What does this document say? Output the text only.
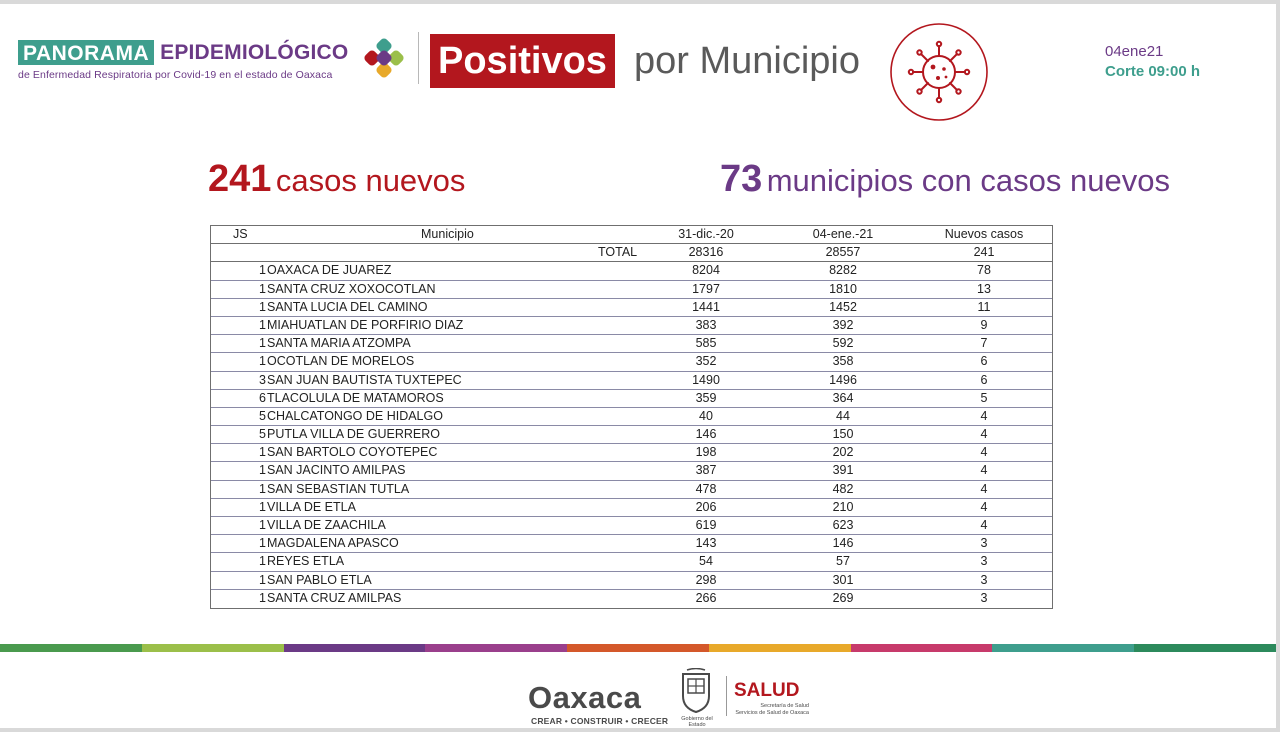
PANORAMA EPIDEMIOLÓGICO
de Enfermedad Respiratoria por Covid-19 en el estado de Oaxaca	Positivos por Municipio	04ene21
Corte 09:00 h
241 casos nuevos	73 municipios con casos nuevos
JS	Municipio	31-dic.-20	04-ene.-21	Nuevos casos
TOTAL	28316	28557	241
1 OAXACA DE JUAREZ	8204	8282	78
1 SANTA CRUZ XOXOCOTLAN	1797	1810	13
1 SANTA LUCIA DEL CAMINO	1441	1452	11
1 MIAHUATLAN DE PORFIRIO DIAZ	383	392	9
1 SANTA MARIA ATZOMPA	585	592	7
1 OCOTLAN DE MORELOS	352	358	6
3 SAN JUAN BAUTISTA TUXTEPEC	1490	1496	6
6 TLACOLULA DE MATAMOROS	359	364	5
5 CHALCATONGO DE HIDALGO	40	44	4
5 PUTLA VILLA DE GUERRERO	146	150	4
1 SAN BARTOLO COYOTEPEC	198	202	4
1 SAN JACINTO AMILPAS	387	391	4
1 SAN SEBASTIAN TUTLA	478	482	4
1 VILLA DE ETLA	206	210	4
1 VILLA DE ZAACHILA	619	623	4
1 MAGDALENA APASCO	143	146	3
1 REYES ETLA	54	57	3
1 SAN PABLO ETLA	298	301	3
1 SANTA CRUZ AMILPAS	266	269	3
Oaxaca
CREAR • CONSTRUIR • CRECER	Gobierno del Estado
SALUD
Secretaría de Salud
Servicios de Salud de Oaxaca
